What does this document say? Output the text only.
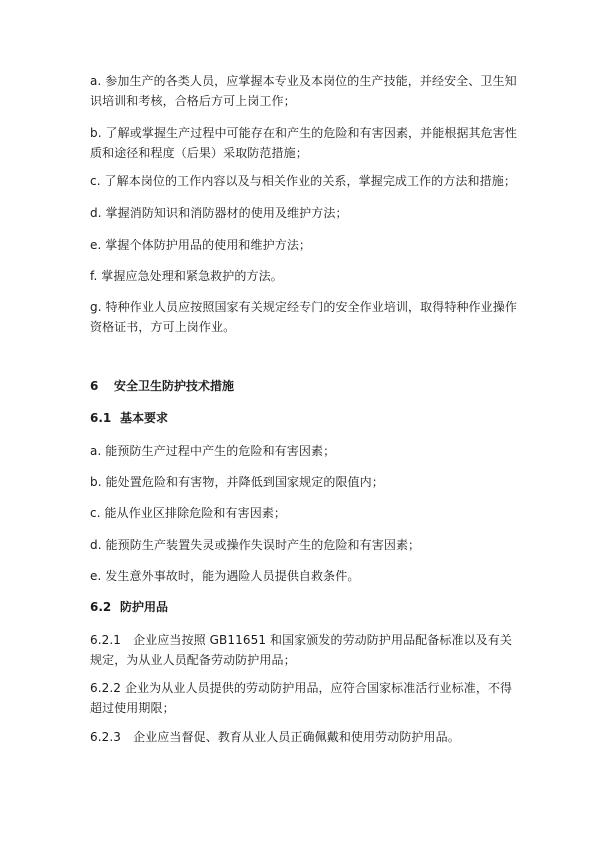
a. 参加生产的各类人员，应掌握本专业及本岗位的生产技能，并经安全、卫生知识培训和考核，合格后方可上岗工作；

b. 了解或掌握生产过程中可能存在和产生的危险和有害因素，并能根据其危害性质和途径和程度（后果）采取防范措施；

c. 了解本岗位的工作内容以及与相关作业的关系，掌握完成工作的方法和措施；

d. 掌握消防知识和消防器材的使用及维护方法；

e. 掌握个体防护用品的使用和维护方法；

f. 掌握应急处理和紧急救护的方法。

g. 特种作业人员应按照国家有关规定经专门的安全作业培训，取得特种作业操作资格证书，方可上岗作业。

6 安全卫生防护技术措施
6.1 基本要求

a. 能预防生产过程中产生的危险和有害因素；

b. 能处置危险和有害物，并降低到国家规定的限值内；

c. 能从作业区排除危险和有害因素；

d. 能预防生产装置失灵或操作失误时产生的危险和有害因素；

e. 发生意外事故时，能为遇险人员提供自救条件。

6.2 防护用品

6.2.1　企业应当按照 GB11651 和国家颁发的劳动防护用品配备标准以及有关规定，为从业人员配备劳动防护用品；

6.2.2 企业为从业人员提供的劳动防护用品，应符合国家标准活行业标准，不得超过使用期限；

6.2.3　企业应当督促、教育从业人员正确佩戴和使用劳动防护用品。
